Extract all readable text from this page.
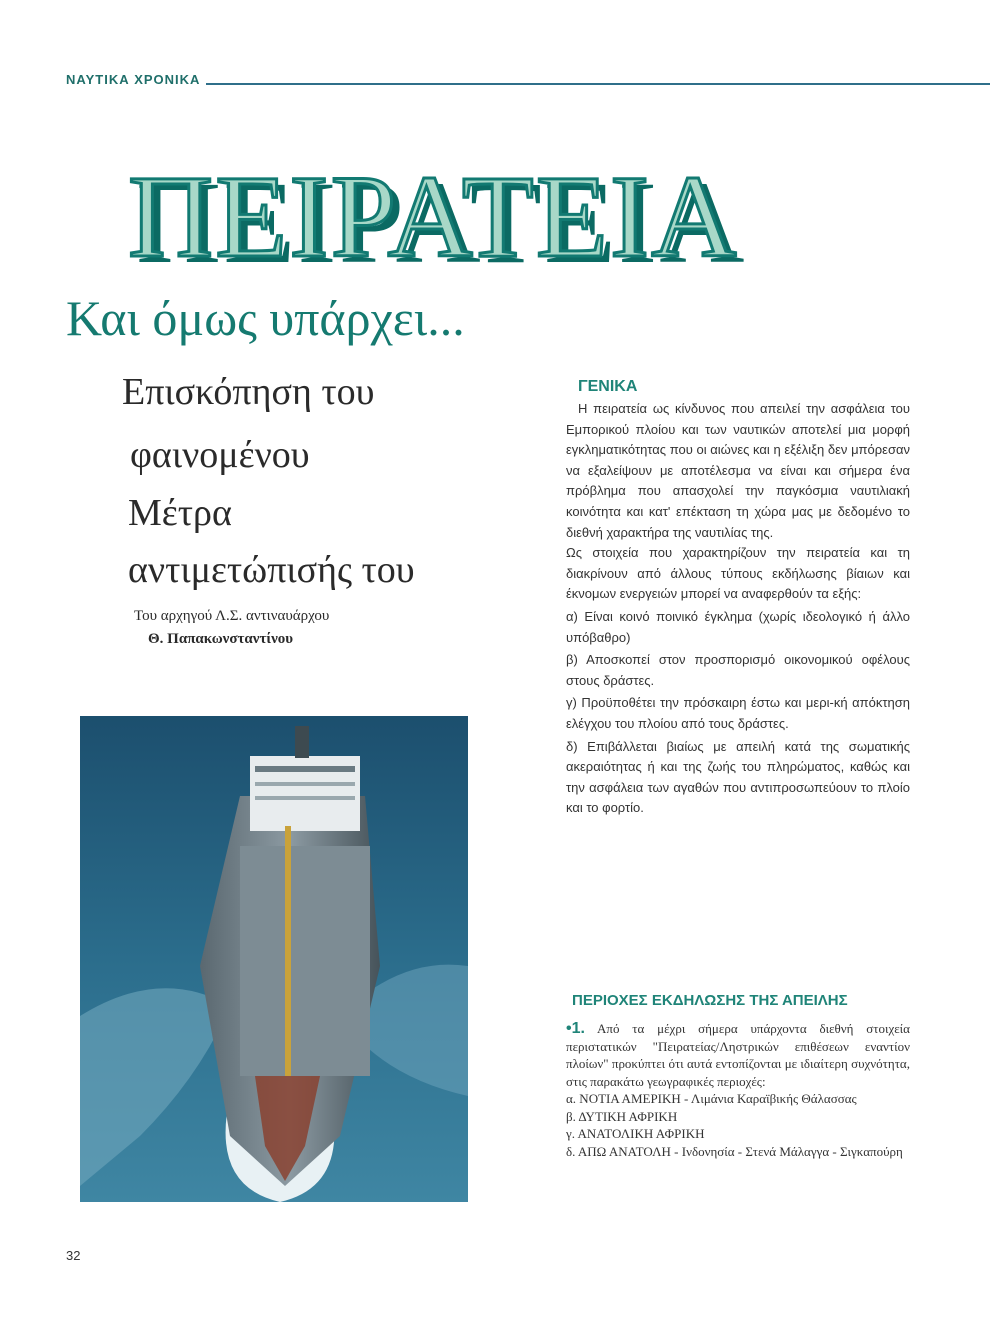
ΝΑΥΤΙΚΑ ΧΡΟΝΙΚΑ
ΠΕΙΡΑΤΕΙΑ
Και όμως υπάρχει...
Επισκόπηση του
φαινομένου
Μέτρα
αντιμετώπισής του
Του αρχηγού Λ.Σ. αντιναυάρχου
Θ. Παπακωνσταντίνου
ΓΕΝΙΚΑ

Η πειρατεία ως κίνδυνος που απειλεί την ασφάλεια του Εμπορικού πλοίου και των ναυτικών αποτελεί μια μορφή εγκληματικότητας που οι αιώνες και η εξέλιξη δεν μπόρεσαν να εξαλείψουν με αποτέλεσμα να είναι και σήμερα ένα πρόβλημα που απασχολεί την παγκόσμια ναυτιλιακή κοινότητα και κατ' επέκταση τη χώρα μας με δεδομένο το διεθνή χαρακτήρα της ναυτιλίας της.

Ως στοιχεία που χαρακτηρίζουν την πειρατεία και τη διακρίνουν από άλλους τύπους εκδήλωσης βίαιων και έκνομων ενεργειών μπορεί να αναφερθούν τα εξής:

α) Είναι κοινό ποινικό έγκλημα (χωρίς ιδεολογικό ή άλλο υπόβαθρο)

β) Αποσκοπεί στον προσπορισμό οικονομικού οφέλους στους δράστες.

γ) Προϋποθέτει την πρόσκαιρη έστω και μερι-κή απόκτηση ελέγχου του πλοίου από τους δράστες.

δ) Επιβάλλεται βιαίως με απειλή κατά της σωματικής ακεραιότητας ή και της ζωής του πληρώματος, καθώς και την ασφάλεια των αγαθών που αντιπροσωπεύουν το πλοίο και το φορτίο.

ΠΕΡΙΟΧΕΣ ΕΚΔΗΛΩΣΗΣ ΤΗΣ ΑΠΕΙΛΗΣ

•1. Από τα μέχρι σήμερα υπάρχοντα διεθνή στοιχεία περιστατικών "Πειρατείας/Ληστρικών επιθέσεων εναντίον πλοίων" προκύπτει ότι αυτά εντοπίζονται με ιδιαίτερη συχνότητα, στις παρακάτω γεωγραφικές περιοχές:

α. ΝΟΤΙΑ ΑΜΕΡΙΚΗ - Λιμάνια Καραϊβικής Θάλασσας

β. ΔΥΤΙΚΗ ΑΦΡΙΚΗ

γ. ΑΝΑΤΟΛΙΚΗ ΑΦΡΙΚΗ

δ. ΑΠΩ ΑΝΑΤΟΛΗ - Ινδονησία - Στενά Μάλαγγα - Σιγκαπούρη

32
